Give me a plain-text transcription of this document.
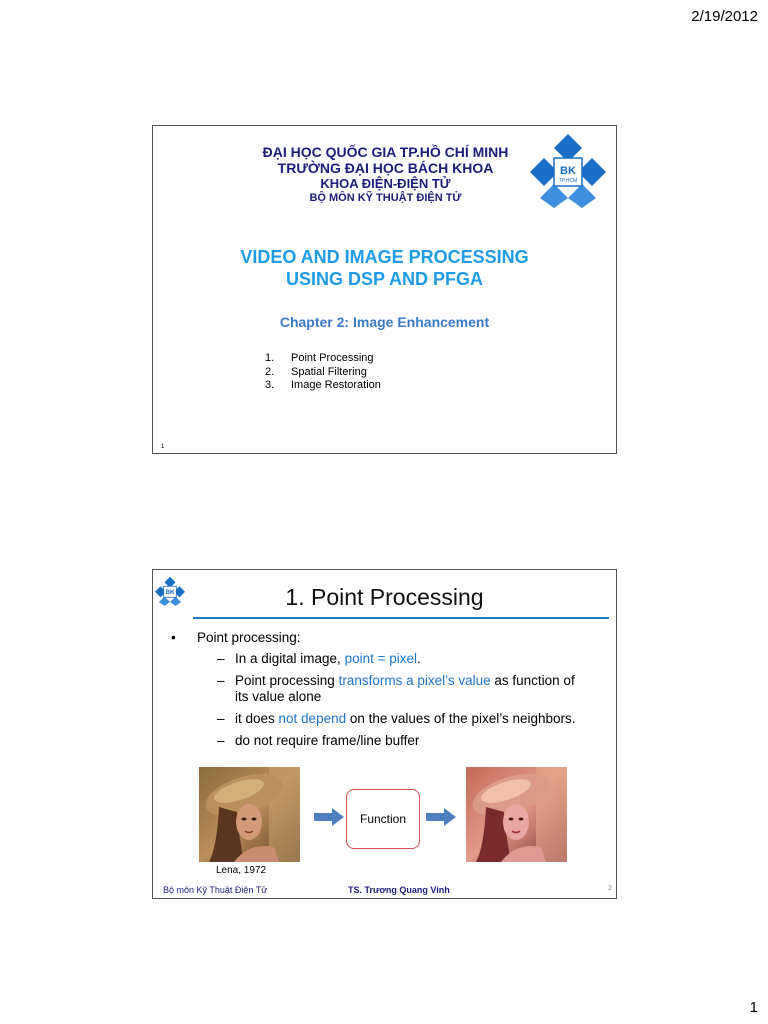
2/19/2012
ĐẠI HỌC QUỐC GIA TP.HỒ CHÍ MINH
TRƯỜNG ĐẠI HỌC BÁCH KHOA
KHOA ĐIỆN-ĐIỆN TỬ
BỘ MÔN KỸ THUẬT ĐIỆN TỬ
BK
TP.HCM
VIDEO AND IMAGE PROCESSING
USING DSP AND PFGA
Chapter 2: Image Enhancement
1.	Point Processing
2.	Spatial Filtering
3.	Image Restoration
1
BK	1. Point Processing
•	Point processing:
– In a digital image, point = pixel.
– Point processing transforms a pixel’s value as function of its value alone
– it does not depend on the values of the pixel’s neighbors.
– do not require frame/line buffer
Function
Lena, 1972
Bộ môn Kỹ Thuật Điện Tử	TS. Trương Quang Vinh	2
1
